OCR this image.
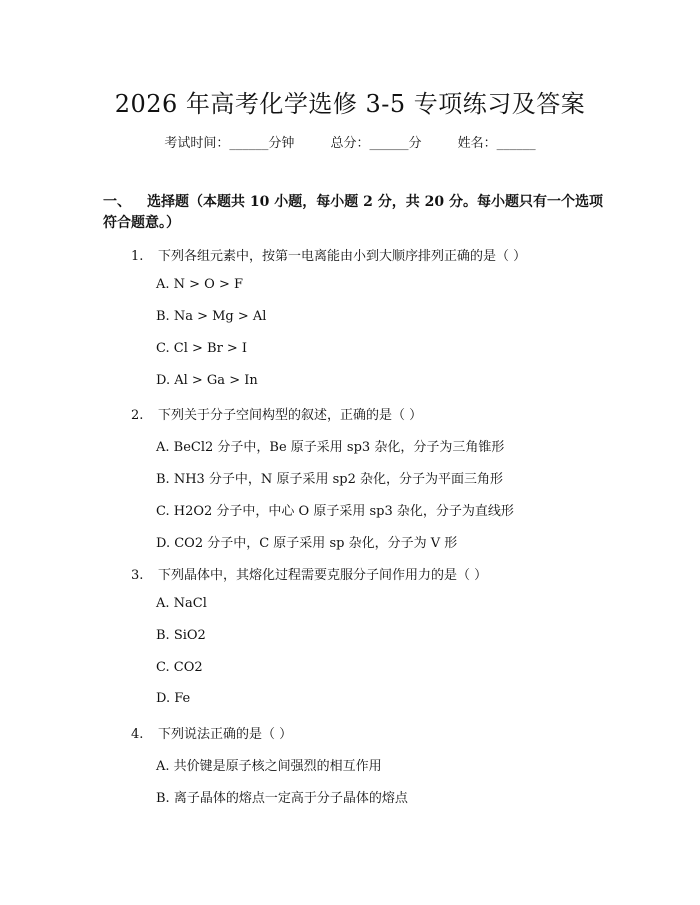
2026 年高考化学选修 3-5 专项练习及答案
考试时间：______分钟	总分：______分	姓名：______
一、 选择题（本题共 10 小题，每小题 2 分，共 20 分。每小题只有一个选项符合题意。）
1. 下列各组元素中，按第一电离能由小到大顺序排列正确的是（ ）
A. N > O > F
B. Na > Mg > Al
C. Cl > Br > I
D. Al > Ga > In
2. 下列关于分子空间构型的叙述，正确的是（ ）
A. BeCl2 分子中，Be 原子采用 sp3 杂化，分子为三角锥形
B. NH3 分子中，N 原子采用 sp2 杂化，分子为平面三角形
C. H2O2 分子中，中心 O 原子采用 sp3 杂化，分子为直线形
D. CO2 分子中，C 原子采用 sp 杂化，分子为 V 形
3. 下列晶体中，其熔化过程需要克服分子间作用力的是（ ）
A. NaCl
B. SiO2
C. CO2
D. Fe
4. 下列说法正确的是（ ）
A. 共价键是原子核之间强烈的相互作用
B. 离子晶体的熔点一定高于分子晶体的熔点
